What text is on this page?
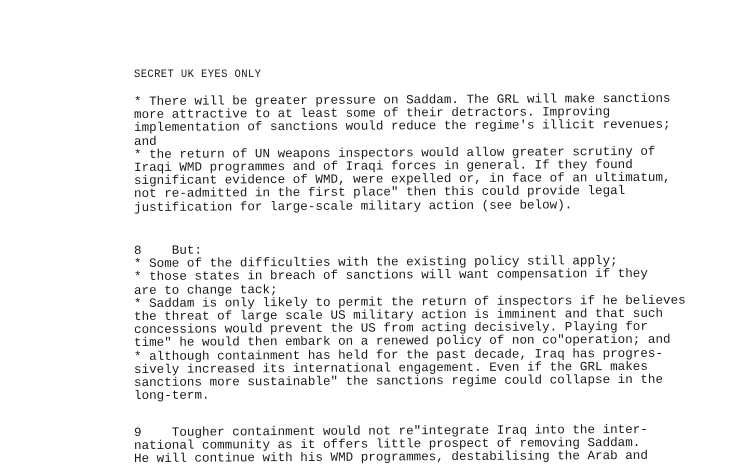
SECRET UK EYES ONLY
* There will be greater pressure on Saddam. The GRL will make sanctions
more attractive to at least some of their detractors. Improving
implementation of sanctions would reduce the regime's illicit revenues;
and
* the return of UN weapons inspectors would allow greater scrutiny of
Iraqi WMD programmes and of Iraqi forces in general. If they found
significant evidence of WMD, were expelled or, in face of an ultimatum,
not re-admitted in the first place" then this could provide legal
justification for large-scale military action (see below).
8    But:
* Some of the difficulties with the existing policy still apply;
* those states in breach of sanctions will want compensation if they
are to change tack;
* Saddam is only likely to permit the return of inspectors if he believes
the threat of large scale US military action is imminent and that such
concessions would prevent the US from acting decisively. Playing for
time" he would then embark on a renewed policy of non co"operation; and
* although containment has held for the past decade, Iraq has progres-
sively increased its international engagement. Even if the GRL makes
sanctions more sustainable" the sanctions regime could collapse in the
long-term.
9    Tougher containment would not re"integrate Iraq into the inter-
national community as it offers little prospect of removing Saddam.
He will continue with his WMD programmes, destabilising the Arab and
